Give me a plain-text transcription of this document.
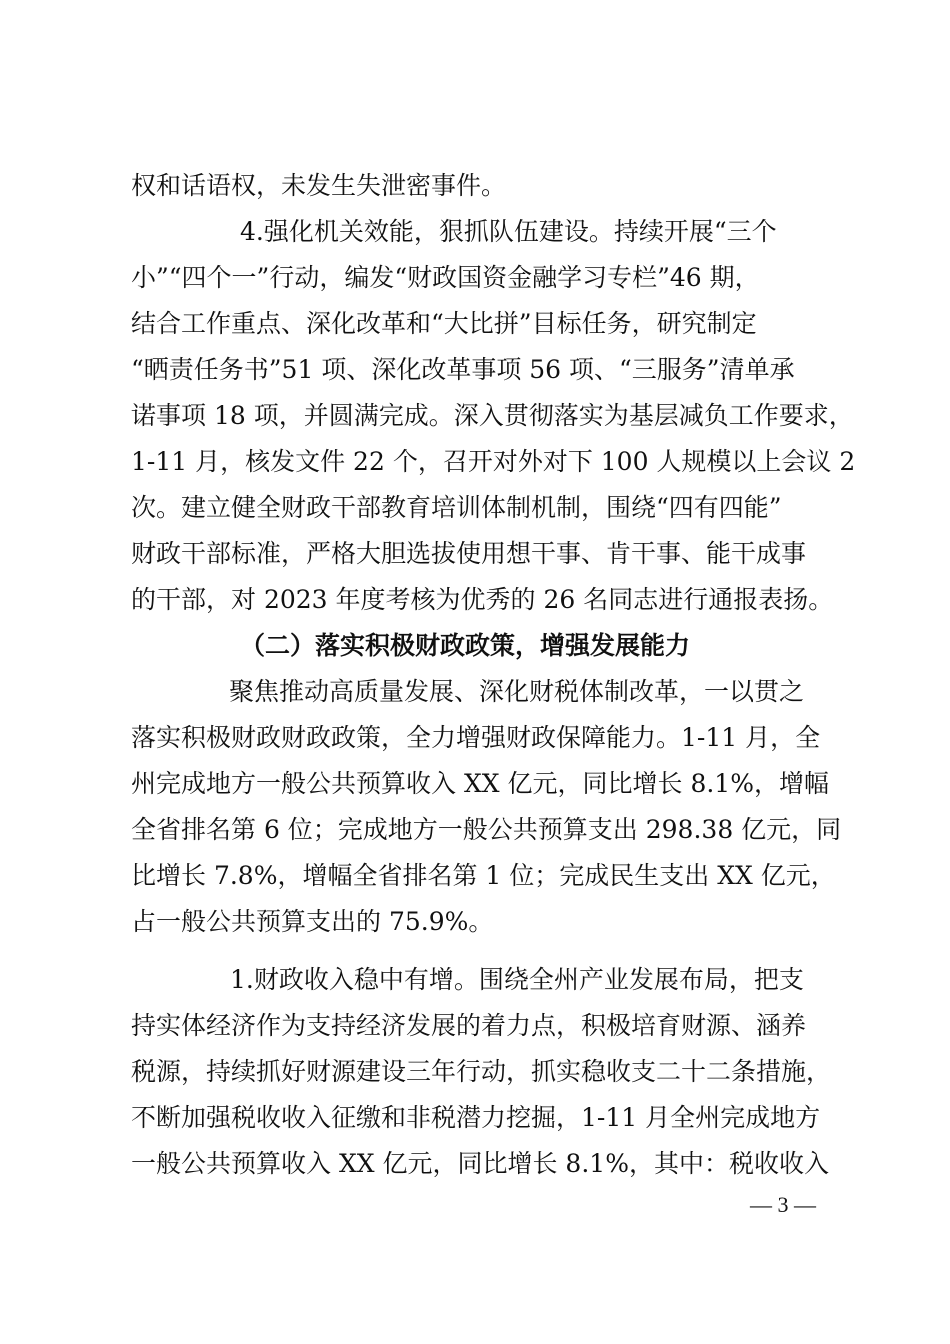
权和话语权，未发生失泄密事件。
4.强化机关效能，狠抓队伍建设。持续开展“三个
小”“四个一”行动，编发“财政国资金融学习专栏”46 期，
结合工作重点、深化改革和“大比拼”目标任务，研究制定
“晒责任务书”51 项、深化改革事项 56 项、“三服务”清单承
诺事项 18 项，并圆满完成。深入贯彻落实为基层减负工作要求，
1-11 月，核发文件 22 个，召开对外对下 100 人规模以上会议 2
次。建立健全财政干部教育培训体制机制，围绕“四有四能”
财政干部标准，严格大胆选拔使用想干事、肯干事、能干成事
的干部，对 2023 年度考核为优秀的 26 名同志进行通报表扬。
（二）落实积极财政政策，增强发展能力
聚焦推动高质量发展、深化财税体制改革，一以贯之
落实积极财政财政政策，全力增强财政保障能力。1-11 月，全
州完成地方一般公共预算收入 XX 亿元，同比增长 8.1%，增幅
全省排名第 6 位；完成地方一般公共预算支出 298.38 亿元，同
比增长 7.8%，增幅全省排名第 1 位；完成民生支出 XX 亿元，
占一般公共预算支出的 75.9%。
1.财政收入稳中有增。围绕全州产业发展布局，把支
持实体经济作为支持经济发展的着力点，积极培育财源、涵养
税源，持续抓好财源建设三年行动，抓实稳收支二十二条措施，
不断加强税收收入征缴和非税潜力挖掘，1-11 月全州完成地方
一般公共预算收入 XX 亿元，同比增长 8.1%，其中：税收收入
— 3 —
